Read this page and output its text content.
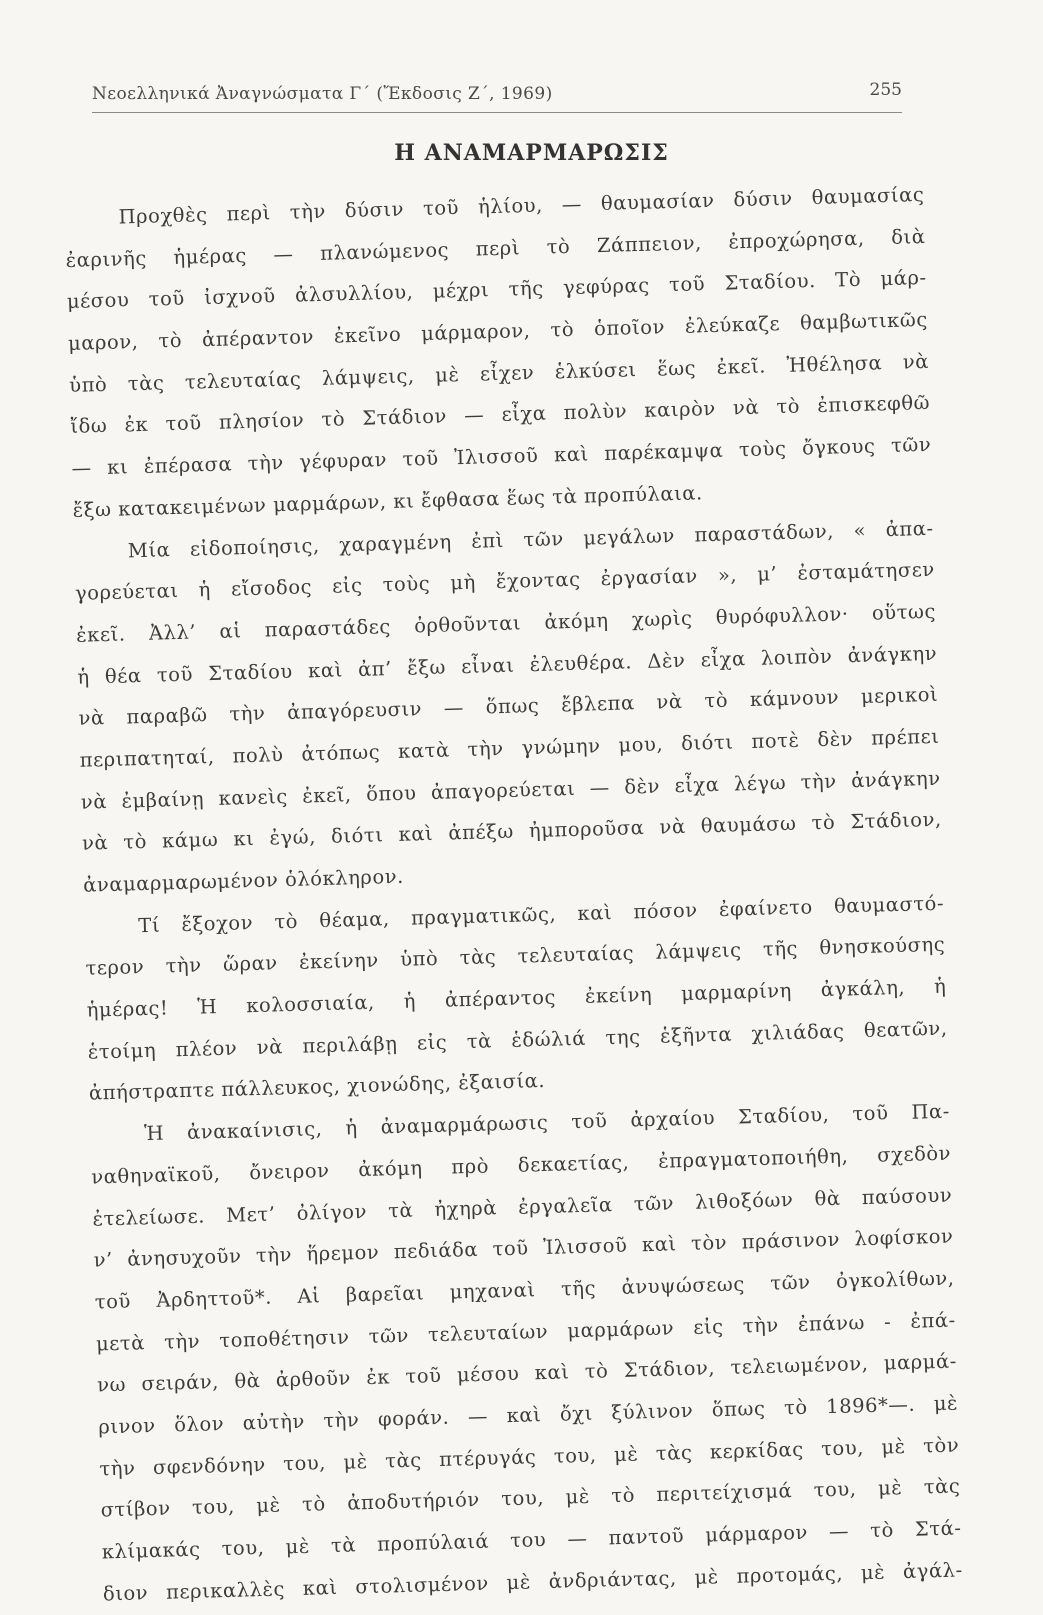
Νεοελληνικά Ἀναγνώσματα Γ΄ (Ἔκδοσις Ζ΄, 1969)	255
Η ΑΝΑΜΑΡΜΑΡΩΣΙΣ
Προχθὲς περὶ τὴν δύσιν τοῦ ἡλίου, — θαυμασίαν δύσιν θαυμασίας
ἐαρινῆς ἡμέρας — πλανώμενος περὶ τὸ Ζάππειον, ἐπροχώρησα, διὰ
μέσου τοῦ ἰσχνοῦ ἀλσυλλίου, μέχρι τῆς γεφύρας τοῦ Σταδίου. Τὸ μάρ-
μαρον, τὸ ἀπέραντον ἐκεῖνο μάρμαρον, τὸ ὁποῖον ἐλεύκαζε θαμβωτικῶς
ὑπὸ τὰς τελευταίας λάμψεις, μὲ εἶχεν ἑλκύσει ἕως ἐκεῖ. Ἠθέλησα νὰ
ἴδω ἐκ τοῦ πλησίον τὸ Στάδιον — εἶχα πολὺν καιρὸν νὰ τὸ ἐπισκεφθῶ
— κι ἐπέρασα τὴν γέφυραν τοῦ Ἰλισσοῦ καὶ παρέκαμψα τοὺς ὄγκους τῶν
ἔξω κατακειμένων μαρμάρων, κι ἔφθασα ἕως τὰ προπύλαια.
Μία εἰδοποίησις, χαραγμένη ἐπὶ τῶν μεγάλων παραστάδων, « ἀπα-
γορεύεται ἡ εἴσοδος εἰς τοὺς μὴ ἔχοντας ἐργασίαν », μ’ ἐσταμάτησεν
ἐκεῖ. Ἀλλ’ αἱ παραστάδες ὀρθοῦνται ἀκόμη χωρὶς θυρόφυλλον· οὕτως
ἡ θέα τοῦ Σταδίου καὶ ἀπ’ ἔξω εἶναι ἐλευθέρα. Δὲν εἶχα λοιπὸν ἀνάγκην
νὰ παραβῶ τὴν ἀπαγόρευσιν — ὅπως ἔβλεπα νὰ τὸ κάμνουν μερικοὶ
περιπατηταί, πολὺ ἀτόπως κατὰ τὴν γνώμην μου, διότι ποτὲ δὲν πρέπει
νὰ ἐμβαίνῃ κανεὶς ἐκεῖ, ὅπου ἀπαγορεύεται — δὲν εἶχα λέγω τὴν ἀνάγκην
νὰ τὸ κάμω κι ἐγώ, διότι καὶ ἀπέξω ἠμποροῦσα νὰ θαυμάσω τὸ Στάδιον,
ἀναμαρμαρωμένον ὁλόκληρον.
Τί ἔξοχον τὸ θέαμα, πραγματικῶς, καὶ πόσον ἐφαίνετο θαυμαστό-
τερον τὴν ὥραν ἐκείνην ὑπὸ τὰς τελευταίας λάμψεις τῆς θνησκούσης
ἡμέρας! Ἡ κολοσσιαία, ἡ ἀπέραντος ἐκείνη μαρμαρίνη ἀγκάλη, ἡ
ἑτοίμη πλέον νὰ περιλάβῃ εἰς τὰ ἑδώλιά της ἑξῆντα χιλιάδας θεατῶν,
ἀπήστραπτε πάλλευκος, χιονώδης, ἐξαισία.
Ἡ ἀνακαίνισις, ἡ ἀναμαρμάρωσις τοῦ ἀρχαίου Σταδίου, τοῦ Πα-
ναθηναϊκοῦ, ὄνειρον ἀκόμη πρὸ δεκαετίας, ἐπραγματοποιήθη, σχεδὸν
ἐτελείωσε. Μετ’ ὀλίγον τὰ ἠχηρὰ ἐργαλεῖα τῶν λιθοξόων θὰ παύσουν
ν’ ἀνησυχοῦν τὴν ἥρεμον πεδιάδα τοῦ Ἰλισσοῦ καὶ τὸν πράσινον λοφίσκον
τοῦ Ἀρδηττοῦ*. Αἱ βαρεῖαι μηχαναὶ τῆς ἀνυψώσεως τῶν ὀγκολίθων,
μετὰ τὴν τοποθέτησιν τῶν τελευταίων μαρμάρων εἰς τὴν ἐπάνω - ἐπά-
νω σειράν, θὰ ἀρθοῦν ἐκ τοῦ μέσου καὶ τὸ Στάδιον, τελειωμένον, μαρμά-
ρινον ὅλον αὐτὴν τὴν φοράν. — καὶ ὄχι ξύλινον ὅπως τὸ 1896*—. μὲ
τὴν σφενδόνην του, μὲ τὰς πτέρυγάς του, μὲ τὰς κερκίδας του, μὲ τὸν
στίβον του, μὲ τὸ ἀποδυτήριόν του, μὲ τὸ περιτείχισμά του, μὲ τὰς
κλίμακάς του, μὲ τὰ προπύλαιά του — παντοῦ μάρμαρον — τὸ Στά-
διον περικαλλὲς καὶ στολισμένον μὲ ἀνδριάντας, μὲ προτομάς, μὲ ἀγάλ-
